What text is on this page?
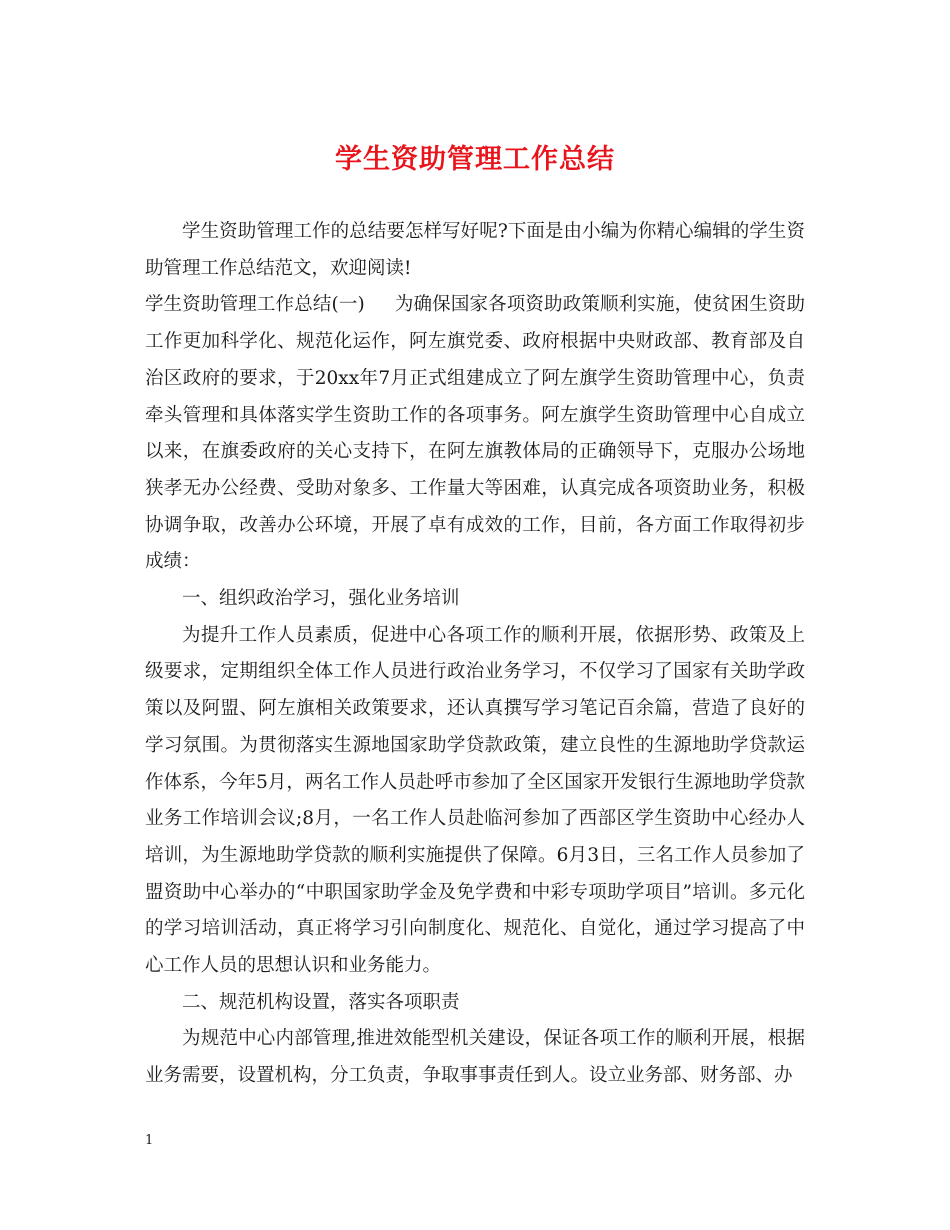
学生资助管理工作总结

学生资助管理工作的总结要怎样写好呢?下面是由小编为你精心编辑的学生资助管理工作总结范文，欢迎阅读!

学生资助管理工作总结(一) 为确保国家各项资助政策顺利实施，使贫困生资助工作更加科学化、规范化运作，阿左旗党委、政府根据中央财政部、教育部及自治区政府的要求，于20xx年7月正式组建成立了阿左旗学生资助管理中心，负责牵头管理和具体落实学生资助工作的各项事务。阿左旗学生资助管理中心自成立以来，在旗委政府的关心支持下，在阿左旗教体局的正确领导下，克服办公场地狭孝无办公经费、受助对象多、工作量大等困难，认真完成各项资助业务，积极协调争取，改善办公环境，开展了卓有成效的工作，目前，各方面工作取得初步成绩：

一、组织政治学习，强化业务培训

为提升工作人员素质，促进中心各项工作的顺利开展，依据形势、政策及上级要求，定期组织全体工作人员进行政治业务学习，不仅学习了国家有关助学政策以及阿盟、阿左旗相关政策要求，还认真撰写学习笔记百余篇，营造了良好的学习氛围。为贯彻落实生源地国家助学贷款政策，建立良性的生源地助学贷款运作体系，今年5月，两名工作人员赴呼市参加了全区国家开发银行生源地助学贷款业务工作培训会议;8月，一名工作人员赴临河参加了西部区学生资助中心经办人培训，为生源地助学贷款的顺利实施提供了保障。6月3日，三名工作人员参加了盟资助中心举办的“中职国家助学金及免学费和中彩专项助学项目”培训。多元化的学习培训活动，真正将学习引向制度化、规范化、自觉化，通过学习提高了中心工作人员的思想认识和业务能力。

二、规范机构设置，落实各项职责

为规范中心内部管理,推进效能型机关建设，保证各项工作的顺利开展，根据业务需要，设置机构，分工负责，争取事事责任到人。设立业务部、财务部、办

1
